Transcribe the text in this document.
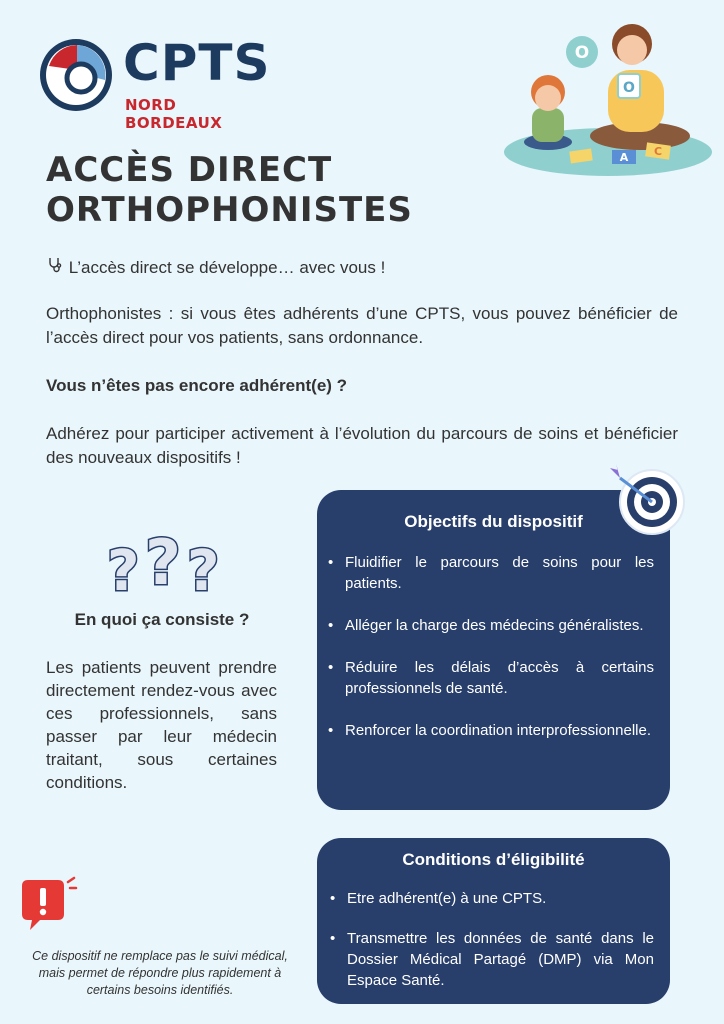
CPTS
NORD BORDEAUX
O
O
A C
ACCÈS DIRECT
ORTHOPHONISTES
L’accès direct se développe… avec vous !
Orthophonistes : si vous êtes adhérents d’une CPTS, vous pouvez bénéficier de l’accès direct pour vos patients, sans ordonnance.
Vous n’êtes pas encore adhérent(e) ?
Adhérez pour participer activement à l’évolution du parcours de soins et bénéficier des nouveaux dispositifs !
? ? ?
En quoi ça consiste ?
Les patients peuvent prendre directement rendez-vous avec ces professionnels, sans passer par leur médecin traitant, sous certaines conditions.
Objectifs du dispositif
• Fluidifier le parcours de soins pour les patients.
• Alléger la charge des médecins généralistes.
• Réduire les délais d’accès à certains professionnels de santé.
• Renforcer la coordination interprofessionnelle.
Conditions d’éligibilité
• Etre adhérent(e) à une CPTS.
• Transmettre les données de santé dans le Dossier Médical Partagé (DMP) via Mon Espace Santé.
Ce dispositif ne remplace pas le suivi médical, mais permet de répondre plus rapidement à certains besoins identifiés.
